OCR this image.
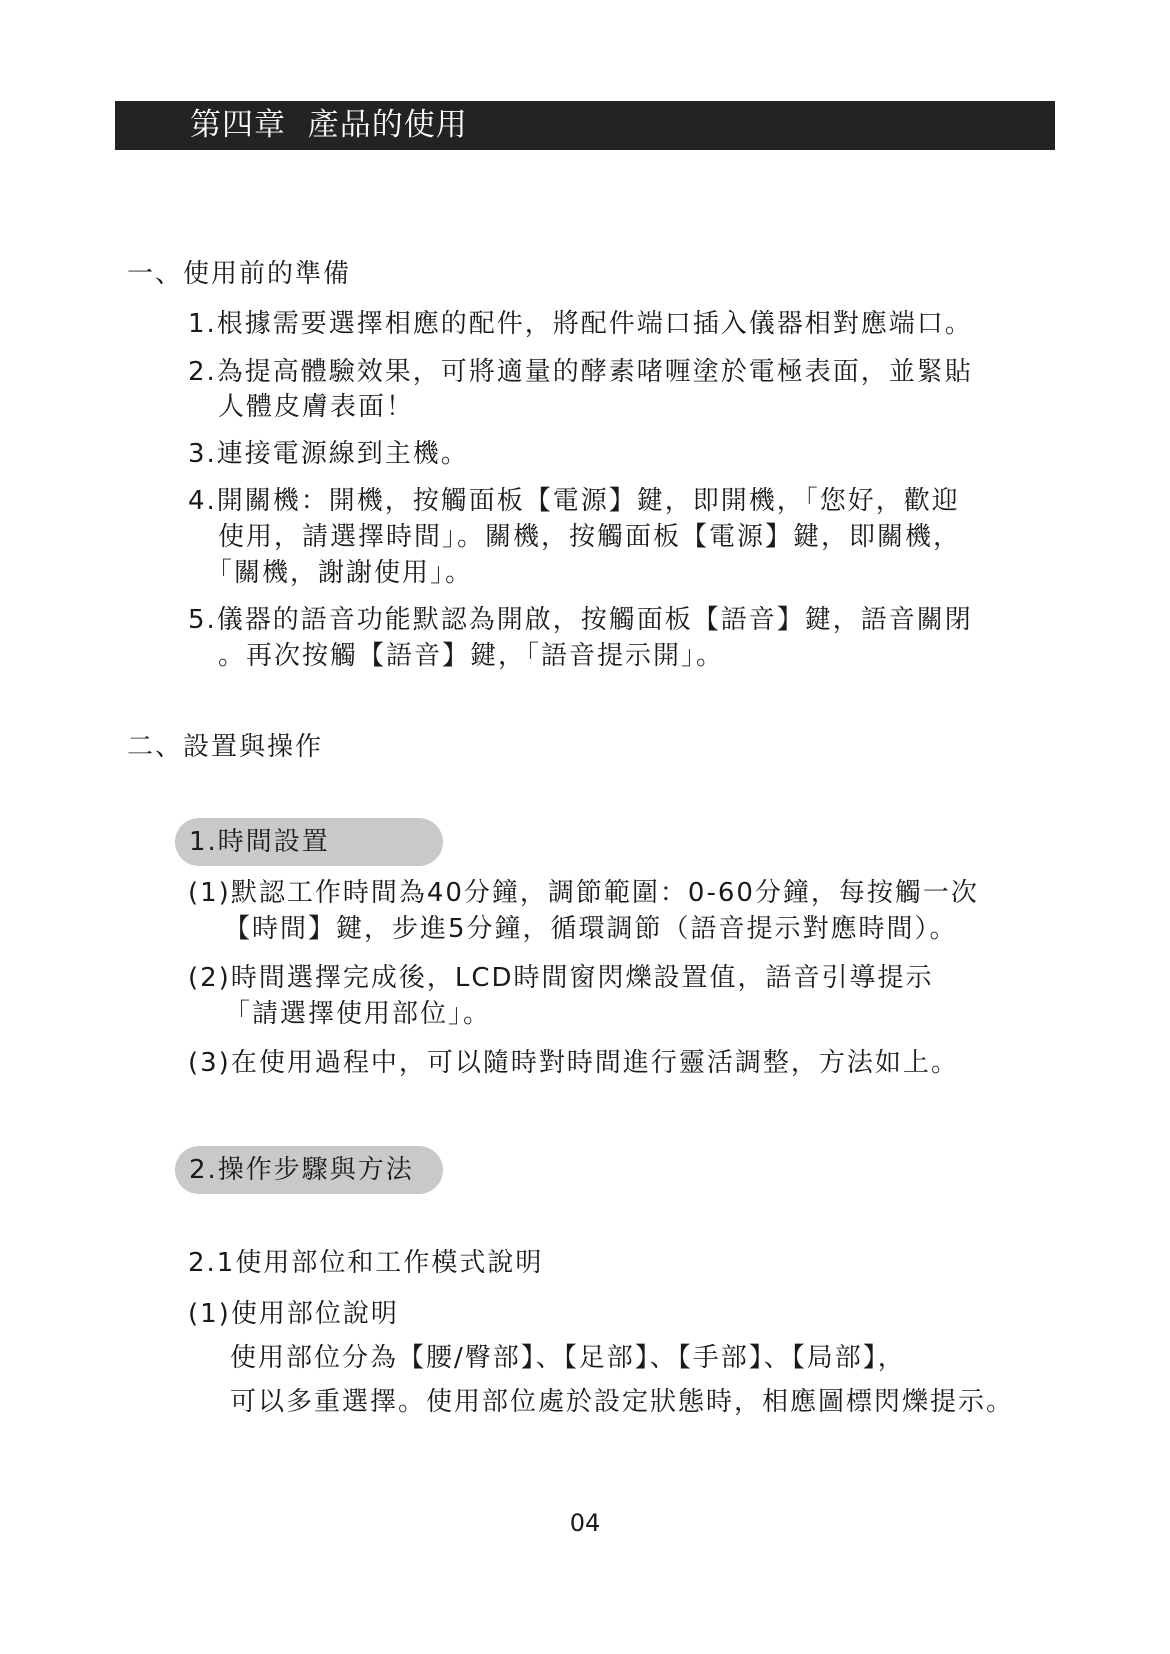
第四章  產品的使用
一、使用前的準備
1.根據需要選擇相應的配件，將配件端口插入儀器相對應端口。
2.為提高體驗效果，可將適量的酵素啫喱塗於電極表面，並緊貼
人體皮膚表面！
3.連接電源線到主機。
4.開關機：開機，按觸面板【電源】鍵，即開機，「您好，歡迎
使用，請選擇時間」。關機，按觸面板【電源】鍵，即關機，
「關機，謝謝使用」。
5.儀器的語音功能默認為開啟，按觸面板【語音】鍵，語音關閉
。再次按觸【語音】鍵，「語音提示開」。
二、設置與操作
1.時間設置
(1)默認工作時間為40分鐘，調節範圍：0-60分鐘，每按觸一次
【時間】鍵，步進5分鐘，循環調節（語音提示對應時間）。
(2)時間選擇完成後，LCD時間窗閃爍設置值，語音引導提示
「請選擇使用部位」。
(3)在使用過程中，可以隨時對時間進行靈活調整，方法如上。
2.操作步驟與方法
2.1使用部位和工作模式說明
(1)使用部位說明
使用部位分為【腰/臀部】、【足部】、【手部】、【局部】，
可以多重選擇。使用部位處於設定狀態時，相應圖標閃爍提示。
04
